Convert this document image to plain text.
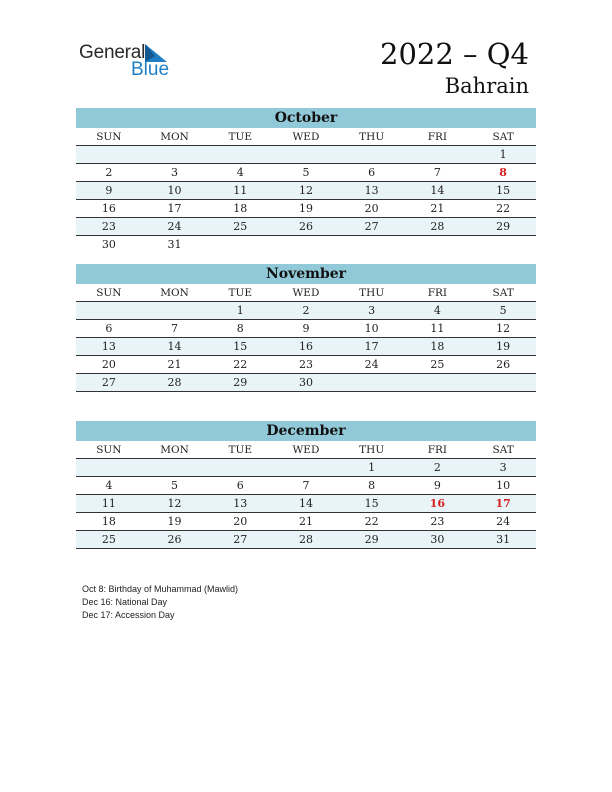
General
Blue	2022 – Q4
Bahrain
October
SUN	MON	TUE	WED	THU	FRI	SAT
						1
2	3	4	5	6	7	8
9	10	11	12	13	14	15
16	17	18	19	20	21	22
23	24	25	26	27	28	29
30	31					
November
SUN	MON	TUE	WED	THU	FRI	SAT
		1	2	3	4	5
6	7	8	9	10	11	12
13	14	15	16	17	18	19
20	21	22	23	24	25	26
27	28	29	30			
December
SUN	MON	TUE	WED	THU	FRI	SAT
				1	2	3
4	5	6	7	8	9	10
11	12	13	14	15	16	17
18	19	20	21	22	23	24
25	26	27	28	29	30	31
Oct 8: Birthday of Muhammad (Mawlid)
Dec 16: National Day
Dec 17: Accession Day
